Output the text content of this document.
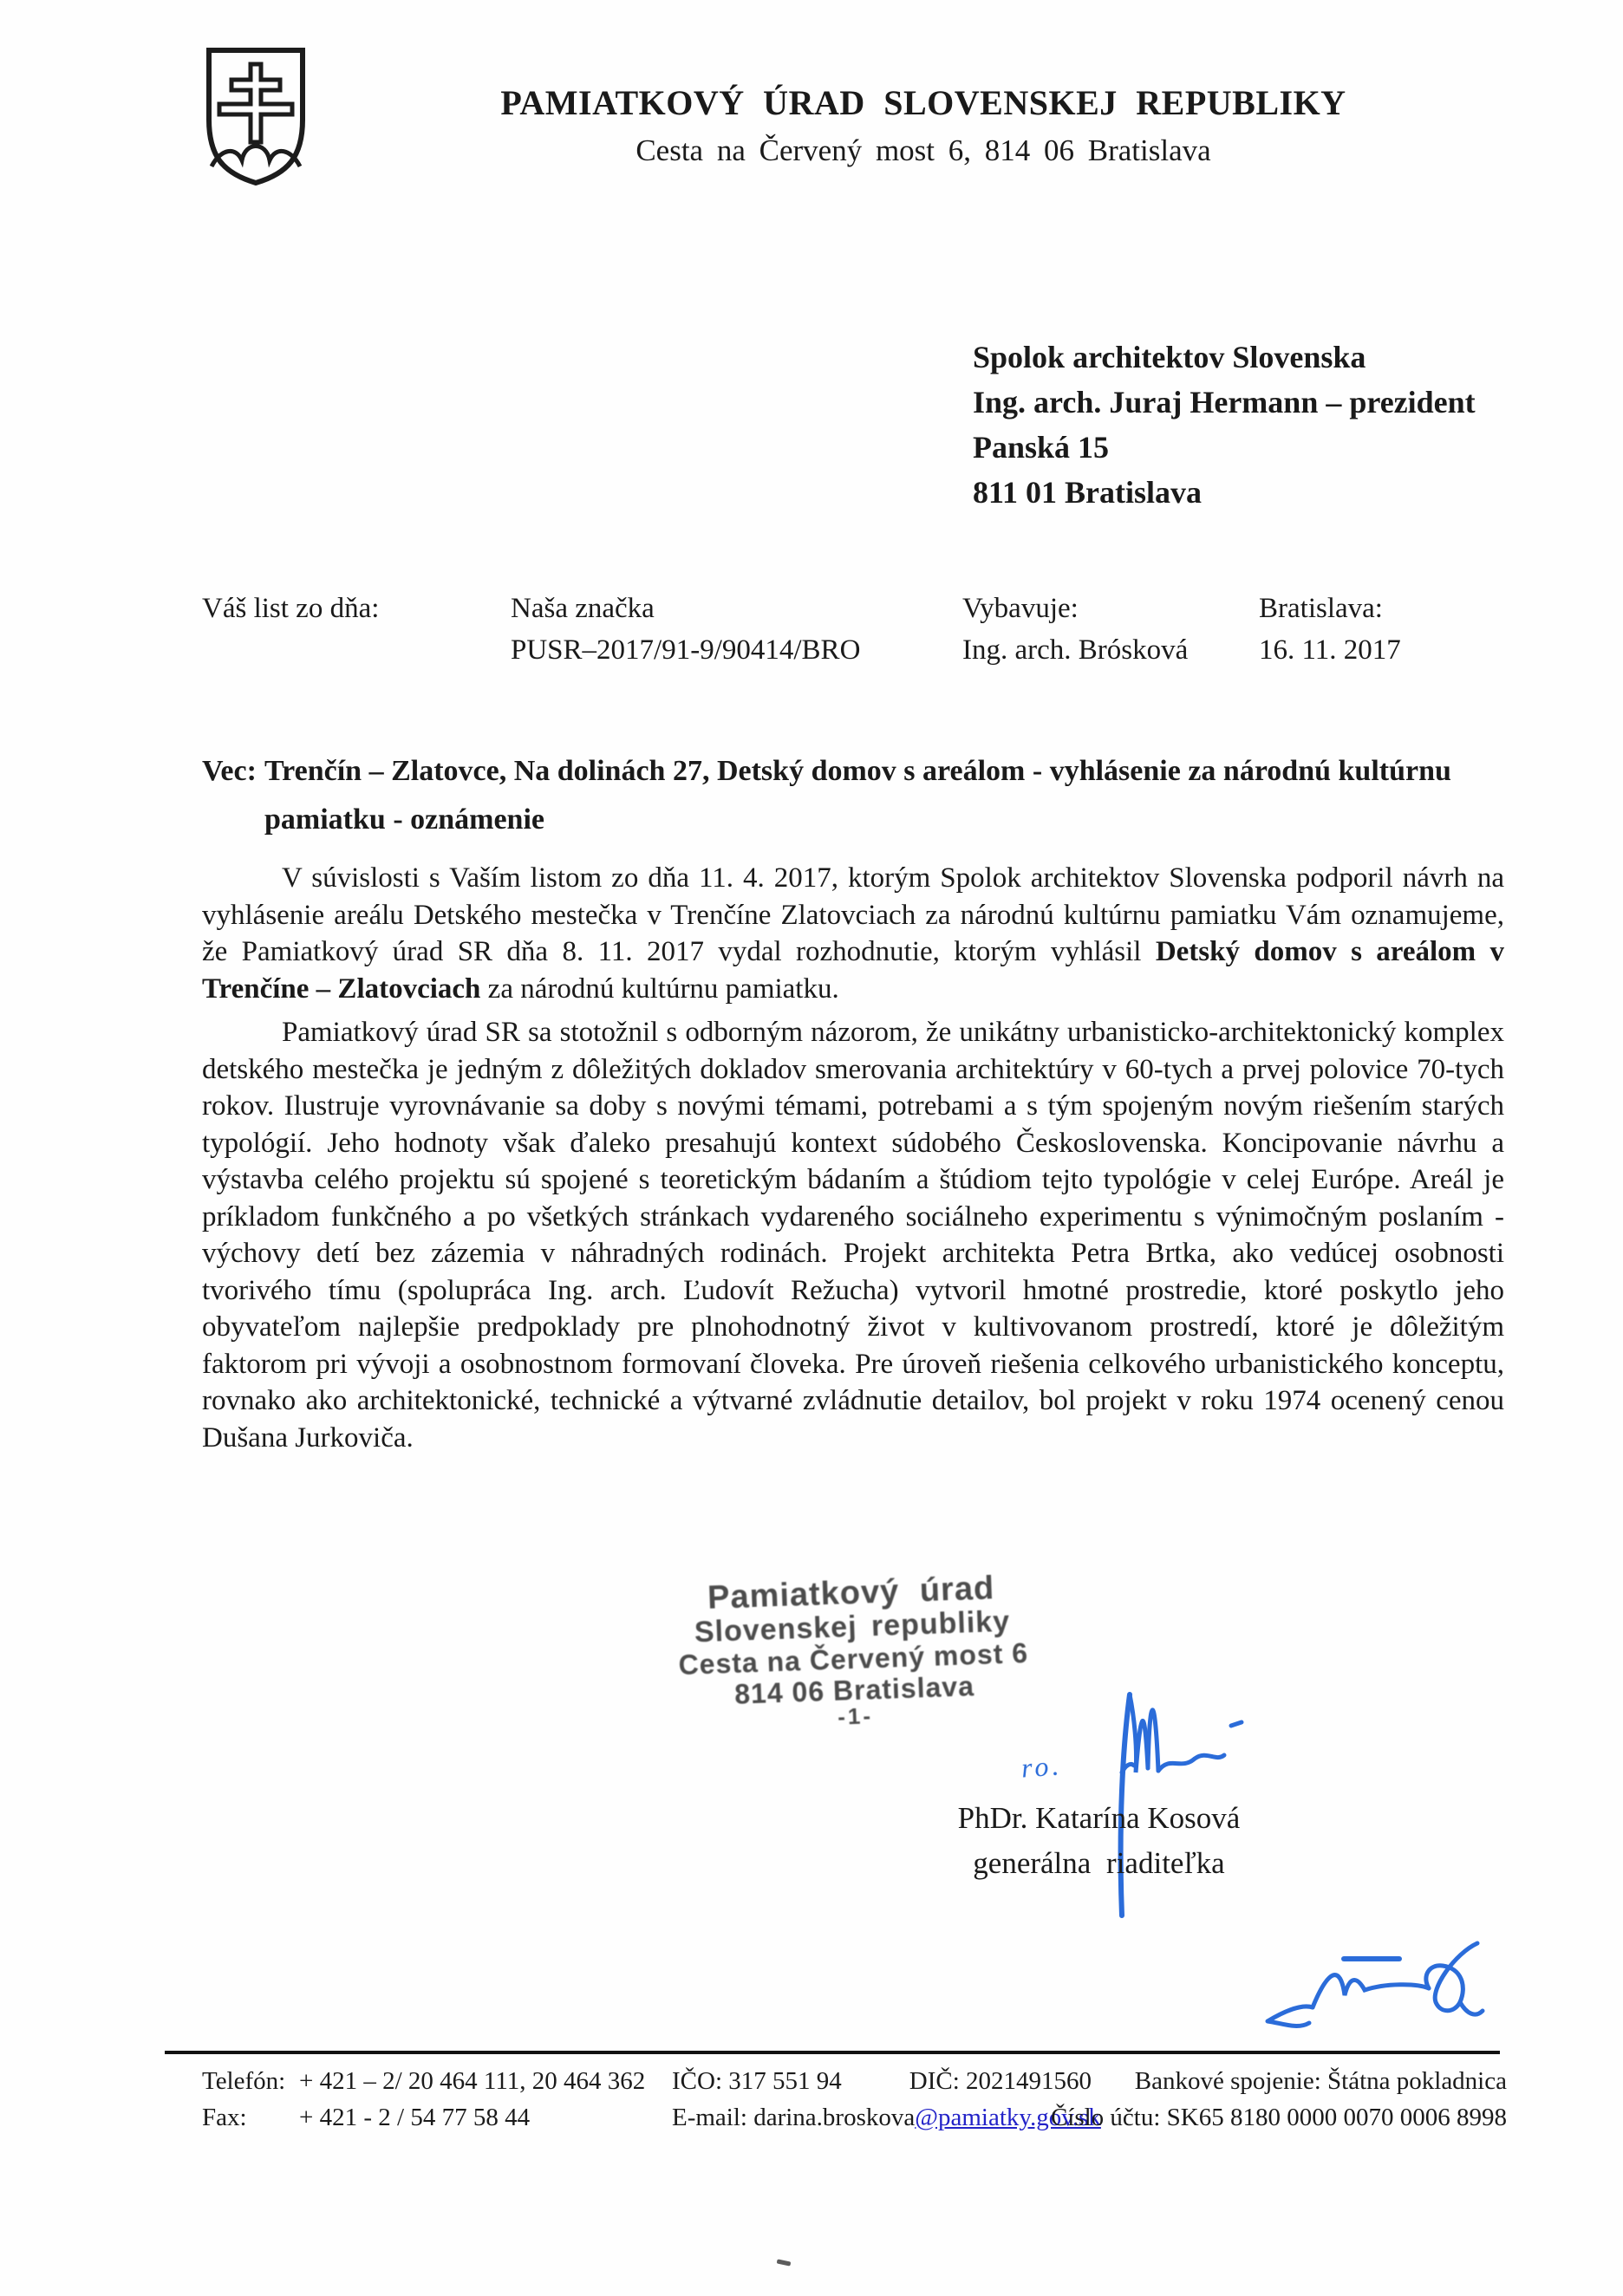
PAMIATKOVÝ ÚRAD SLOVENSKEJ REPUBLIKY
Cesta na Červený most 6, 814 06 Bratislava
Spolok architektov Slovenska
Ing. arch. Juraj Hermann – prezident
Panská 15
811 01 Bratislava
Váš list zo dňa:	Naša značka
PUSR–2017/91-9/90414/BRO
Vybavuje:
Ing. arch. Brósková
Bratislava:
16. 11. 2017
Vec: Trenčín – Zlatovce, Na dolinách 27, Detský domov s areálom - vyhlásenie za národnú kultúrnu pamiatku - oznámenie

V súvislosti s Vaším listom zo dňa 11. 4. 2017, ktorým Spolok architektov Slovenska podporil návrh na vyhlásenie areálu Detského mestečka v Trenčíne Zlatovciach za národnú kultúrnu pamiatku Vám oznamujeme, že Pamiatkový úrad SR dňa 8. 11. 2017 vydal rozhodnutie, ktorým vyhlásil Detský domov s areálom v Trenčíne – Zlatovciach za národnú kultúrnu pamiatku.

Pamiatkový úrad SR sa stotožnil s odborným názorom, že unikátny urbanisticko-architektonický komplex detského mestečka je jedným z dôležitých dokladov smerovania architektúry v 60-tych a prvej polovice 70-tych rokov. Ilustruje vyrovnávanie sa doby s novými témami, potrebami a s tým spojeným novým riešením starých typológií. Jeho hodnoty však ďaleko presahujú kontext súdobého Československa. Koncipovanie návrhu a výstavba celého projektu sú spojené s teoretickým bádaním a štúdiom tejto typológie v celej Európe. Areál je príkladom funkčného a po všetkých stránkach vydareného sociálneho experimentu s výnimočným poslaním - výchovy detí bez zázemia v náhradných rodinách. Projekt architekta Petra Brtka, ako vedúcej osobnosti tvorivého tímu (spolupráca Ing. arch. Ľudovít Režucha) vytvoril hmotné prostredie, ktoré poskytlo jeho obyvateľom najlepšie predpoklady pre plnohodnotný život v kultivovanom prostredí, ktoré je dôležitým faktorom pri vývoji a osobnostnom formovaní človeka. Pre úroveň riešenia celkového urbanistického konceptu, rovnako ako architektonické, technické a výtvarné zvládnutie detailov, bol projekt v roku 1974 ocenený cenou Dušana Jurkoviča.

Pamiatkový úrad
Slovenskej republiky
Cesta na Červený most 6
814 06 Bratislava
-1-
ro.
PhDr. Katarína Kosová
generálna riaditeľka
Telefón: + 421 – 2/ 20 464 111, 20 464 362
Fax: + 421 - 2 / 54 77 58 44
IČO: 317 551 94	DIČ: 2021491560
E-mail: darina.broskova@pamiatky.gov.sk
Bankové spojenie: Štátna pokladnica
Číslo účtu: SK65 8180 0000 0070 0006 8998
